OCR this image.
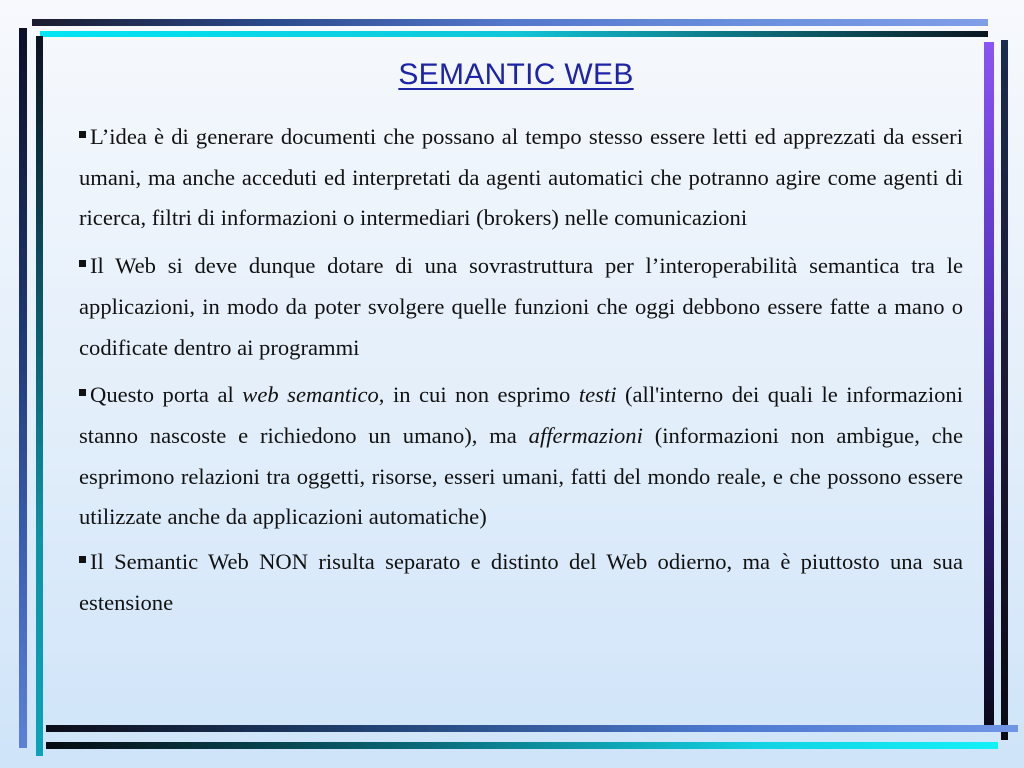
SEMANTIC WEB
L’idea è di generare documenti che possano al tempo stesso essere letti ed apprezzati da esseri umani, ma anche acceduti ed interpretati da agenti automatici che potranno agire come agenti di ricerca, filtri di informazioni o intermediari (brokers) nelle comunicazioni
Il Web si deve dunque dotare di una sovrastruttura per l’interoperabilità semantica tra le applicazioni, in modo da poter svolgere quelle funzioni che oggi debbono essere fatte a mano o codificate dentro ai programmi
Questo porta al web semantico, in cui non esprimo testi (all'interno dei quali le informazioni stanno nascoste e richiedono un umano), ma affermazioni (informazioni non ambigue, che esprimono relazioni tra oggetti, risorse, esseri umani, fatti del mondo reale, e che possono essere utilizzate anche da applicazioni automatiche)
Il Semantic Web NON risulta separato e distinto del Web odierno, ma è piuttosto una sua estensione
